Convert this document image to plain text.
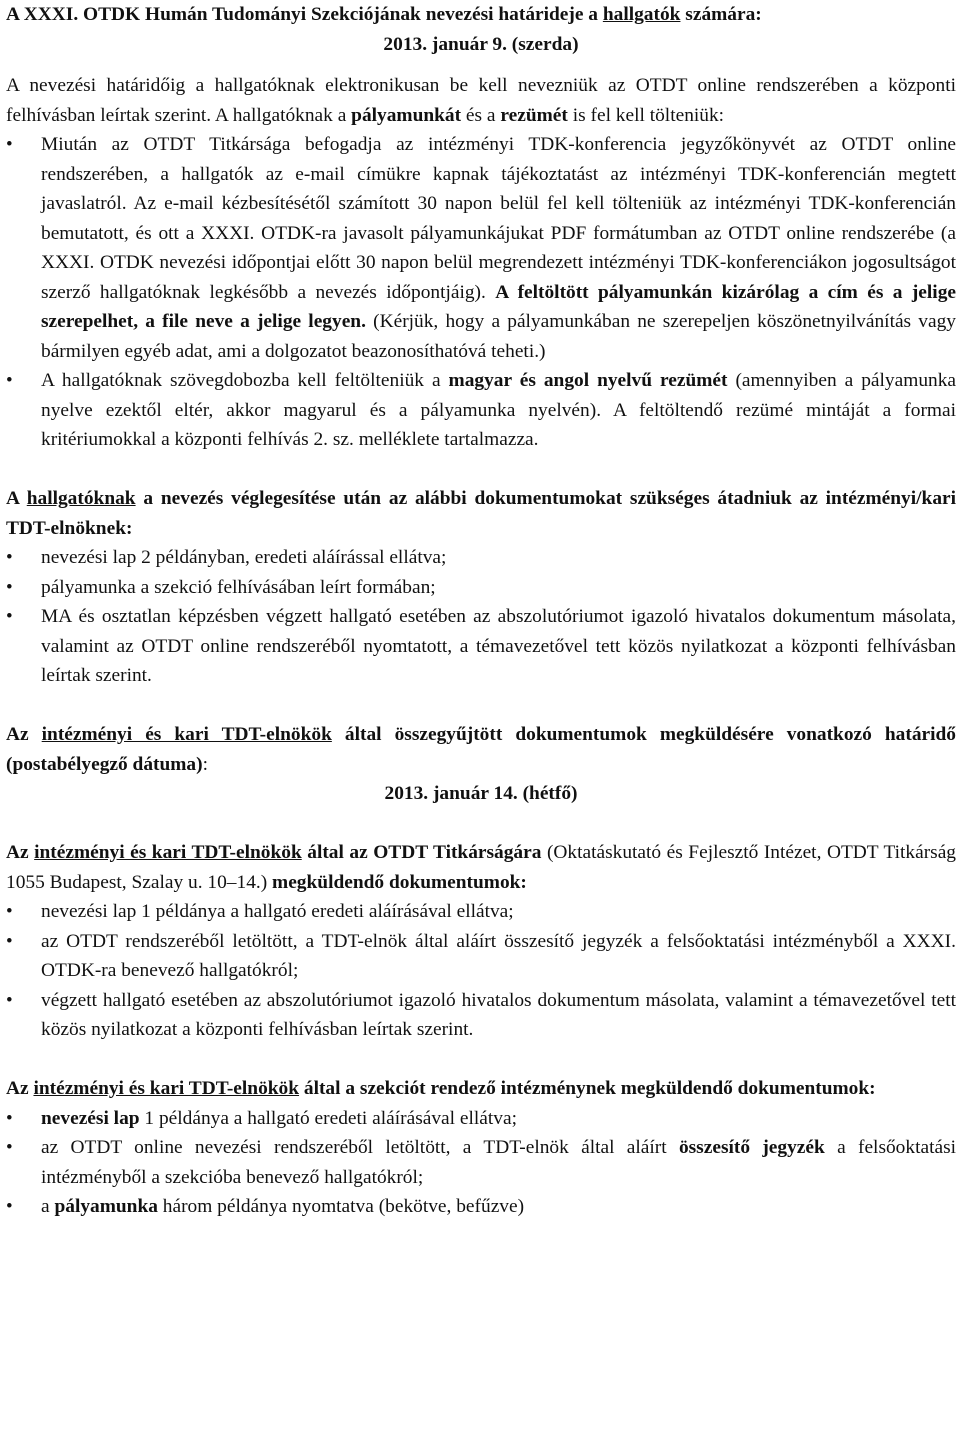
A XXXI. OTDK Humán Tudományi Szekciójának nevezési határideje a hallgatók számára:

2013. január 9. (szerda)

A nevezési határidőig a hallgatóknak elektronikusan be kell nevezniük az OTDT online rendszerében a központi felhívásban leírtak szerint. A hallgatóknak a pályamunkát és a rezümét is fel kell tölteniük:

•	Miután az OTDT Titkársága befogadja az intézményi TDK-konferencia jegyzőkönyvét az OTDT online rendszerében, a hallgatók az e-mail címükre kapnak tájékoztatást az intézményi TDK-konferencián megtett javaslatról. Az e-mail kézbesítésétől számított 30 napon belül fel kell tölteniük az intézményi TDK-konferencián bemutatott, és ott a XXXI. OTDK-ra javasolt pályamunkájukat PDF formátumban az OTDT online rendszerébe (a XXXI. OTDK nevezési időpontjai előtt 30 napon belül megrendezett intézményi TDK-konferenciákon jogosultságot szerző hallgatóknak legkésőbb a nevezés időpontjáig). A feltöltött pályamunkán kizárólag a cím és a jelige szerepelhet, a file neve a jelige legyen. (Kérjük, hogy a pályamunkában ne szerepeljen köszönetnyilvánítás vagy bármilyen egyéb adat, ami a dolgozatot beazonosíthatóvá teheti.)
•	A hallgatóknak szövegdobozba kell feltölteniük a magyar és angol nyelvű rezümét (amennyiben a pályamunka nyelve ezektől eltér, akkor magyarul és a pályamunka nyelvén). A feltöltendő rezümé mintáját a formai kritériumokkal a központi felhívás 2. sz. melléklete tartalmazza.

A hallgatóknak a nevezés véglegesítése után az alábbi dokumentumokat szükséges átadniuk az intézményi/kari TDT-elnöknek:

•	nevezési lap 2 példányban, eredeti aláírással ellátva;
•	pályamunka a szekció felhívásában leírt formában;
•	MA és osztatlan képzésben végzett hallgató esetében az abszolutóriumot igazoló hivatalos dokumentum másolata, valamint az OTDT online rendszeréből nyomtatott, a témavezetővel tett közös nyilatkozat a központi felhívásban leírtak szerint.

Az intézményi és kari TDT-elnökök által összegyűjtött dokumentumok megküldésére vonatkozó határidő (postabélyegző dátuma):

2013. január 14. (hétfő)

Az intézményi és kari TDT-elnökök által az OTDT Titkárságára (Oktatáskutató és Fejlesztő Intézet, OTDT Titkárság 1055 Budapest, Szalay u. 10–14.) megküldendő dokumentumok:

•	nevezési lap 1 példánya a hallgató eredeti aláírásával ellátva;
•	az OTDT rendszeréből letöltött, a TDT-elnök által aláírt összesítő jegyzék a felsőoktatási intézményből a XXXI. OTDK-ra benevező hallgatókról;
•	végzett hallgató esetében az abszolutóriumot igazoló hivatalos dokumentum másolata, valamint a témavezetővel tett közös nyilatkozat a központi felhívásban leírtak szerint.

Az intézményi és kari TDT-elnökök által a szekciót rendező intézménynek megküldendő dokumentumok:

•	nevezési lap 1 példánya a hallgató eredeti aláírásával ellátva;
•	az OTDT online nevezési rendszeréből letöltött, a TDT-elnök által aláírt összesítő jegyzék a felsőoktatási intézményből a szekcióba benevező hallgatókról;
•	a pályamunka három példánya nyomtatva (bekötve, befűzve)
